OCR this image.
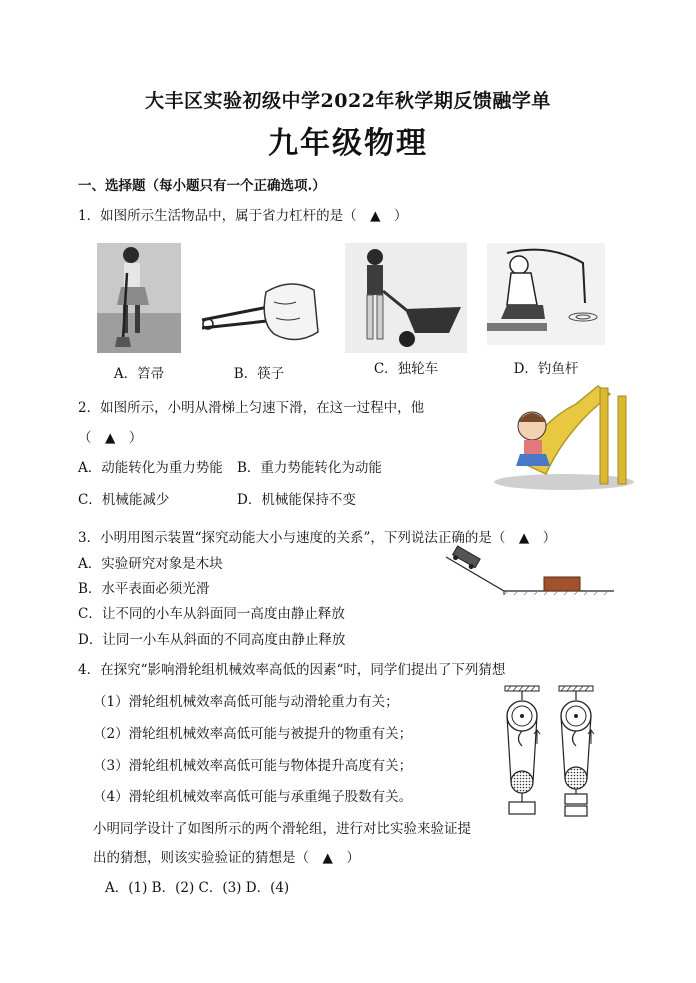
大丰区实验初级中学2022年秋学期反馈融学单
九年级物理
一、选择题（每小题只有一个正确选项.）
1．如图所示生活物品中，属于省力杠杆的是（　▲　）
A．笤帚	B．筷子	C．独轮车	D．钓鱼杆
2．如图所示，小明从滑梯上匀速下滑，在这一过程中，他
（　▲　）
A．动能转化为重力势能 B．重力势能转化为动能
C．机械能减少	D．机械能保持不变
3．小明用图示装置“探究动能大小与速度的关系”，下列说法正确的是（　▲　）
A．实验研究对象是木块
B．水平表面必须光滑
C．让不同的小车从斜面同一高度由静止释放
D．让同一小车从斜面的不同高度由静止释放
4．在探究“影响滑轮组机械效率高低的因素“时，同学们提出了下列猜想
（1）滑轮组机械效率高低可能与动滑轮重力有关；
（2）滑轮组机械效率高低可能与被提升的物重有关；
（3）滑轮组机械效率高低可能与物体提升高度有关；
（4）滑轮组机械效率高低可能与承重绳子股数有关。
小明同学设计了如图所示的两个滑轮组，进行对比实验来验证提
出的猜想，则该实验验证的猜想是（　▲　）
A．(1) B．(2) C．(3) D．(4)
